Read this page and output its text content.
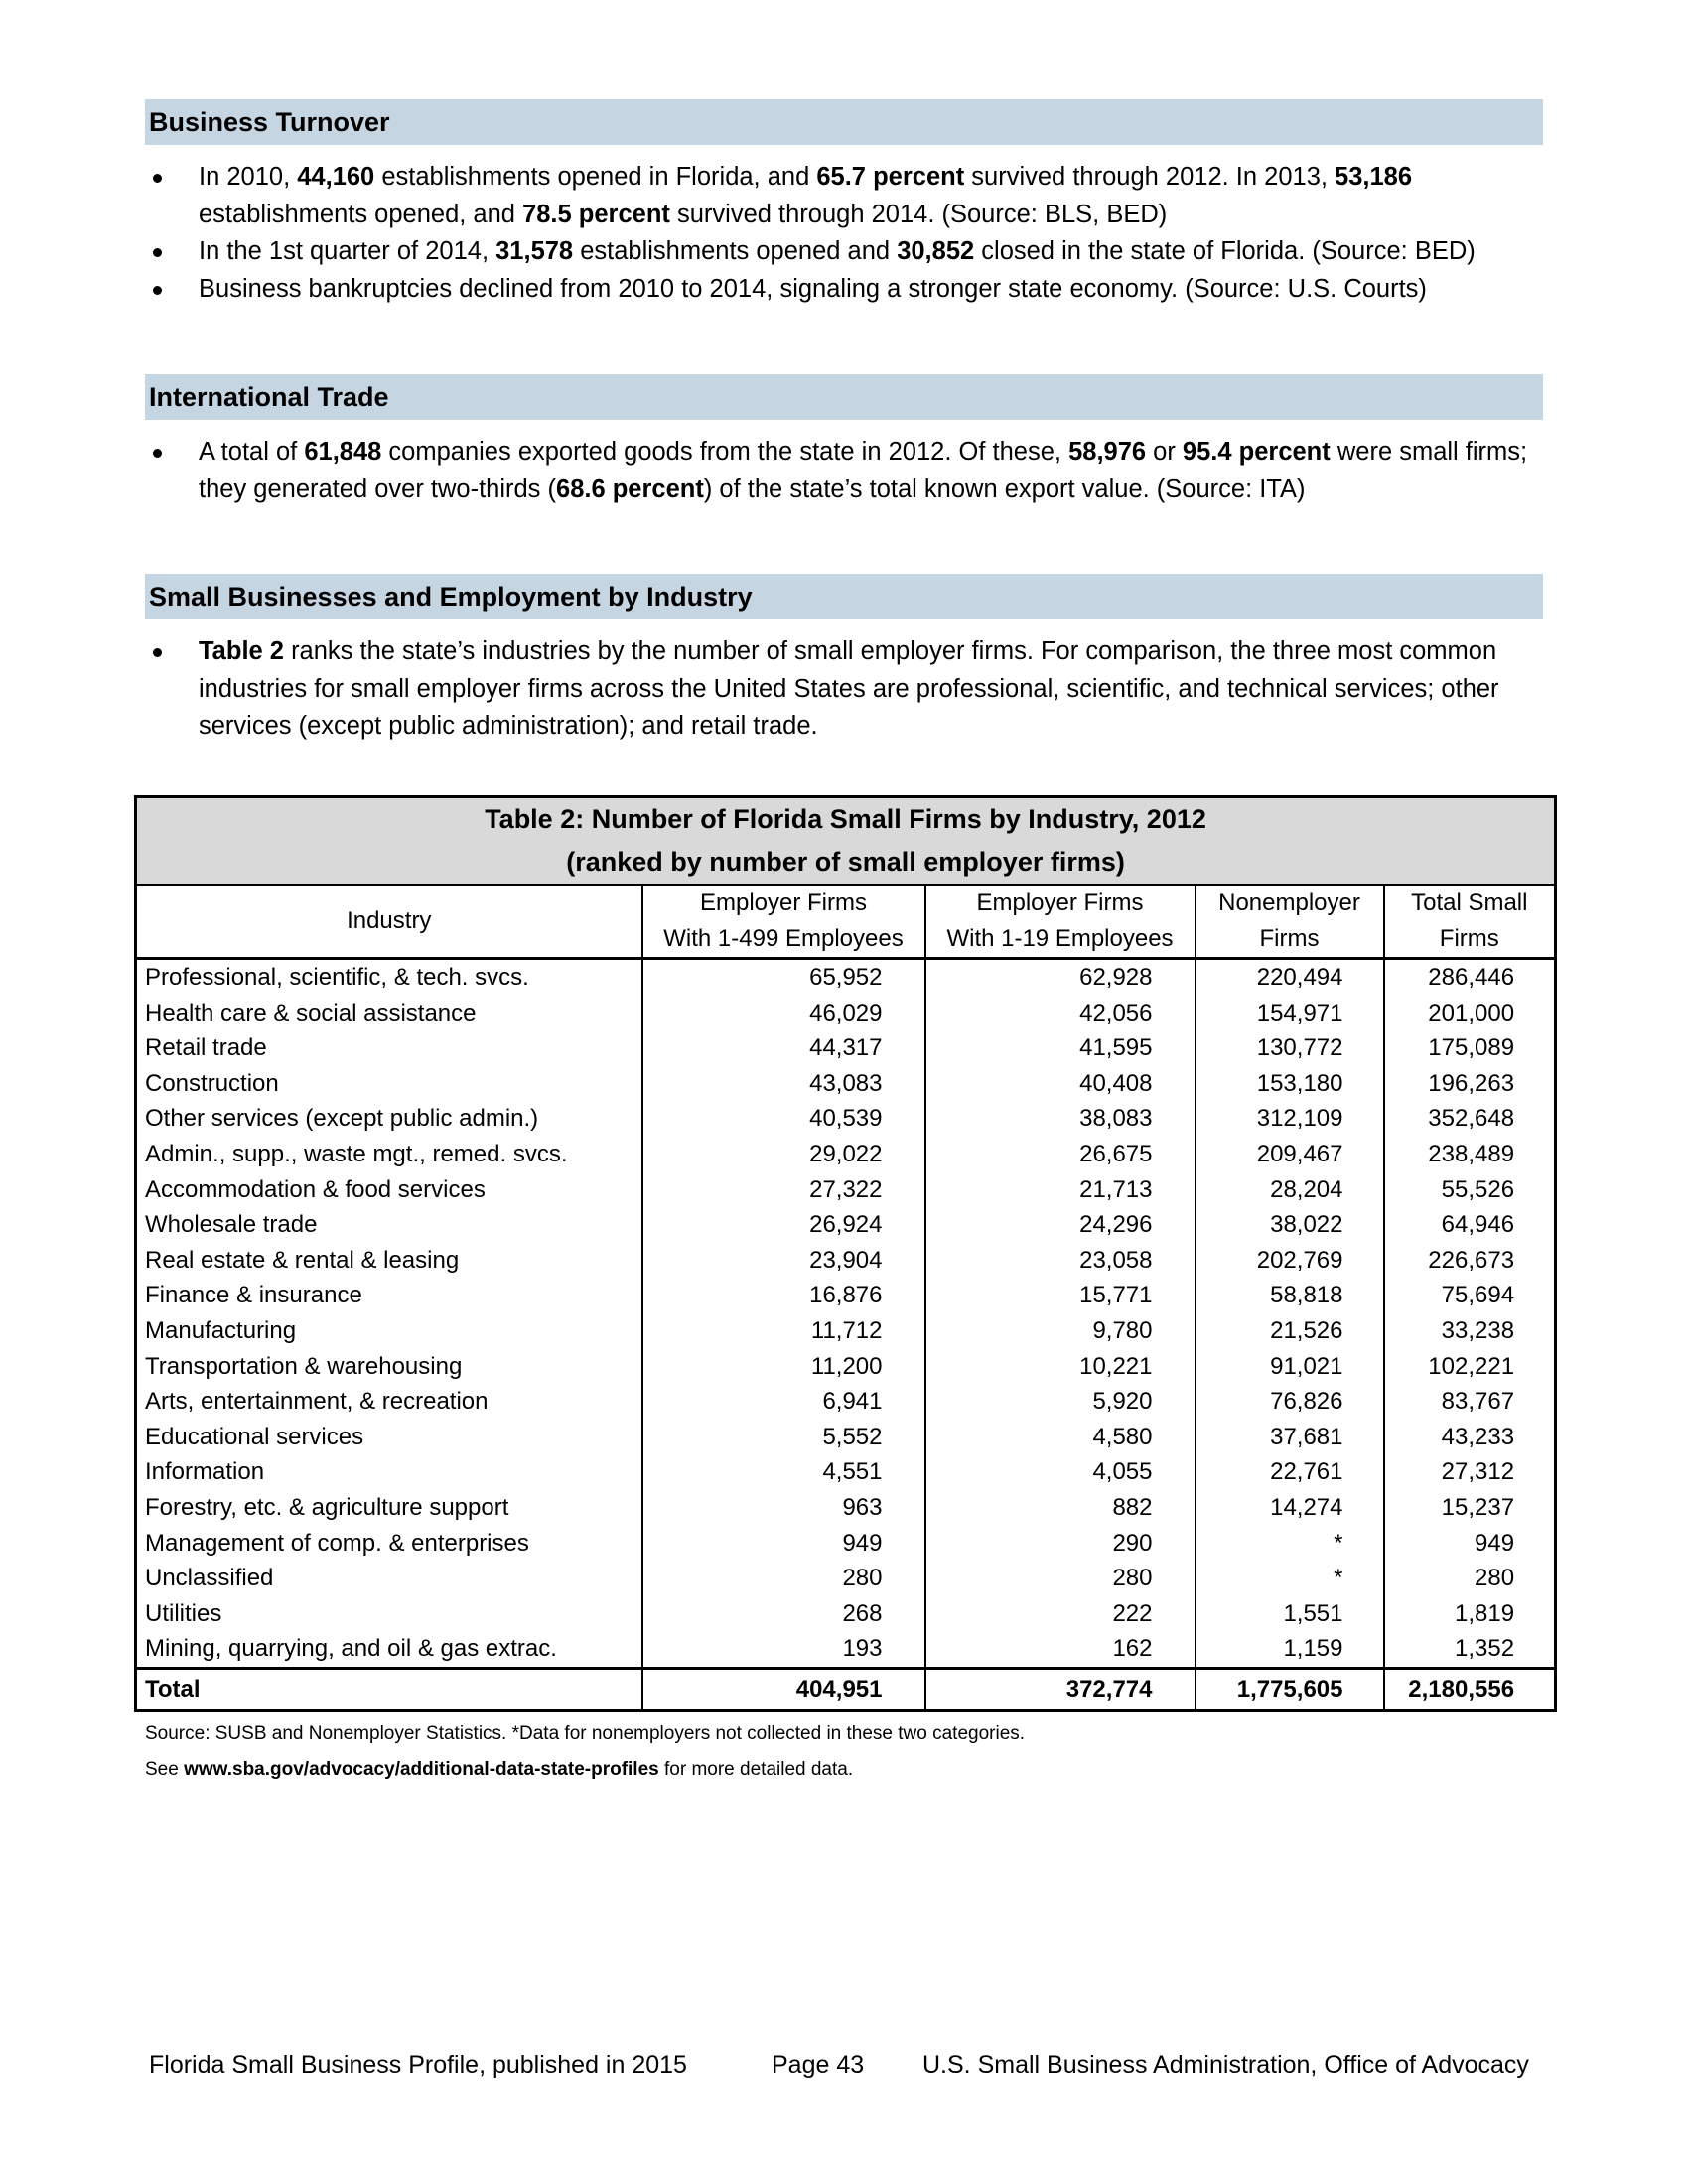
Business Turnover
In 2010, 44,160 establishments opened in Florida, and 65.7 percent survived through 2012. In 2013, 53,186 establishments opened, and 78.5 percent survived through 2014. (Source: BLS, BED)
In the 1st quarter of 2014, 31,578 establishments opened and 30,852 closed in the state of Florida. (Source: BED)
Business bankruptcies declined from 2010 to 2014, signaling a stronger state economy. (Source: U.S. Courts)
International Trade
A total of 61,848 companies exported goods from the state in 2012. Of these, 58,976 or 95.4 percent were small firms; they generated over two-thirds (68.6 percent) of the state’s total known export value. (Source: ITA)
Small Businesses and Employment by Industry
Table 2 ranks the state’s industries by the number of small employer firms. For comparison, the three most common industries for small employer firms across the United States are professional, scientific, and technical services; other services (except public administration); and retail trade.
Table 2: Number of Florida Small Firms by Industry, 2012
(ranked by number of small employer firms)				

Industry	
Employer Firms
With 1-499 Employees

Employer Firms
With 1-19 Employees

Nonemployer
Firms

Total Small
Firms

Professional, scientific, & tech. svcs.	65,952	62,928	220,494	286,446
Health care & social assistance	46,029	42,056	154,971	201,000
Retail trade	44,317	41,595	130,772	175,089
Construction	43,083	40,408	153,180	196,263
Other services (except public admin.)	40,539	38,083	312,109	352,648
Admin., supp., waste mgt., remed. svcs.	29,022	26,675	209,467	238,489
Accommodation & food services	27,322	21,713	28,204	55,526
Wholesale trade	26,924	24,296	38,022	64,946
Real estate & rental & leasing	23,904	23,058	202,769	226,673
Finance & insurance	16,876	15,771	58,818	75,694
Manufacturing	11,712	9,780	21,526	33,238
Transportation & warehousing	11,200	10,221	91,021	102,221
Arts, entertainment, & recreation	6,941	5,920	76,826	83,767
Educational services	5,552	4,580	37,681	43,233
Information	4,551	4,055	22,761	27,312
Forestry, etc. & agriculture support	963	882	14,274	15,237
Management of comp. & enterprises	949	290	*	949
Unclassified	280	280	*	280
Utilities	268	222	1,551	1,819
Mining, quarrying, and oil & gas extrac.	193	162	1,159	1,352
Total	404,951	372,774	1,775,605	2,180,556
Source: SUSB and Nonemployer Statistics. *Data for nonemployers not collected in these two categories.
See www.sba.gov/advocacy/additional-data-state-profiles for more detailed data.
Florida Small Business Profile, published in 2015	Page 43 U.S. Small Business Administration, Office of Advocacy
